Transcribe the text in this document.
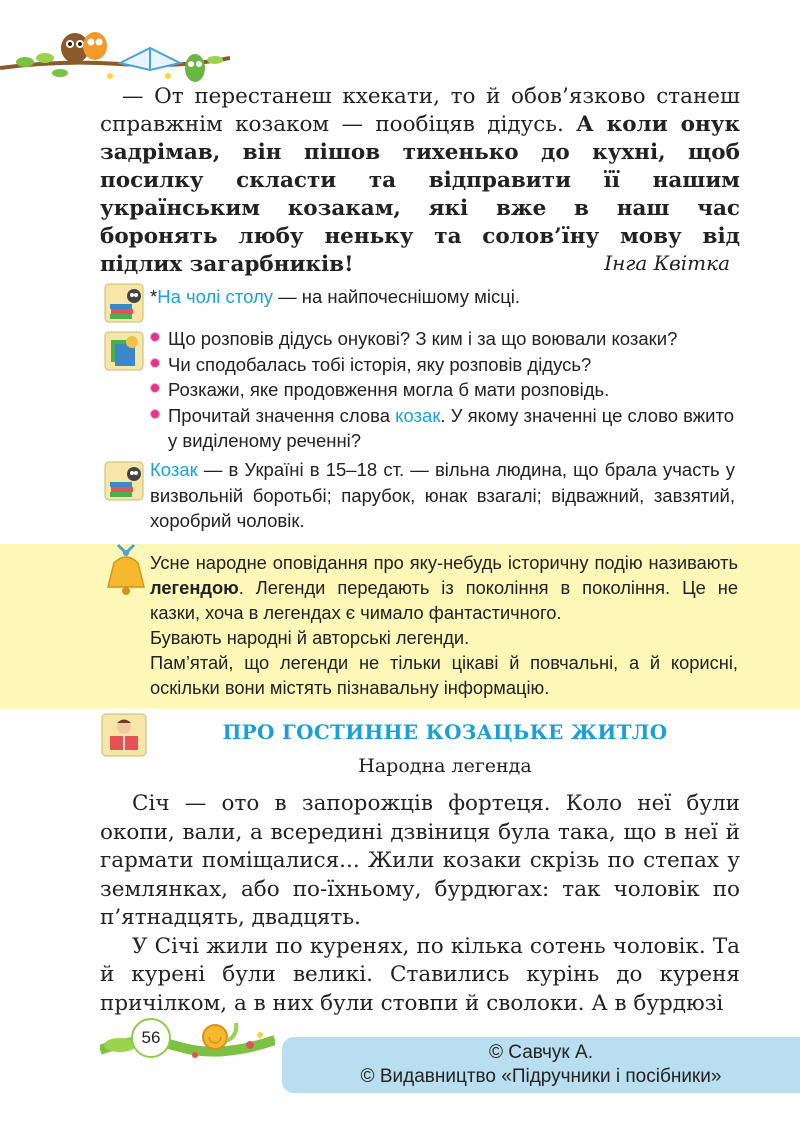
— От перестанеш кхекати, то й обов’язково станеш справжнім козаком — пообіцяв дідусь. А коли онук задрімав, він пішов тихенько до кухні, щоб посилку скласти та відправити її нашим українським козакам, які вже в наш час боронять любу неньку та солов’їну мову від підлих загарбників!	Інга Квітка
*На чолі столу — на найпочеснішому місці.
Що розповів дідусь онукові? З ким і за що воювали козаки?
Чи сподобалась тобі історія, яку розповів дідусь?
Розкажи, яке продовження могла б мати розповідь.
Прочитай значення слова козак. У якому значенні це слово вжито у виділеному реченні?
Козак — в Україні в 15–18 ст. — вільна людина, що брала участь у визвольній боротьбі; парубок, юнак взагалі; відважний, завзятий, хоробрий чоловік.

Усне народне оповідання про яку-небудь історичну подію називають легендою. Легенди передають із покоління в покоління. Це не казки, хоча в легендах є чимало фантастичного.

Бувають народні й авторські легенди.

Пам’ятай, що легенди не тільки цікаві й повчальні, а й корисні, оскільки вони містять пізнавальну інформацію.

ПРО ГОСТИННЕ КОЗАЦЬКЕ ЖИТЛО
Народна легенда

Січ — ото в запорожців фортеця. Коло неї були окопи, вали, а всередині дзвіниця була така, що в неї й гармати поміщалися... Жили козаки скрізь по степах у землянках, або по-їхньому, бурдюгах: так чоловік по п’ятнадцять, двадцять.

У Січі жили по куренях, по кілька сотень чоловік. Та й курені були великі. Ставились курінь до куреня причілком, а в них були стовпи й сволоки. А в бурдюзі

56
© Савчук А.
© Видавництво «Підручники і посібники»
